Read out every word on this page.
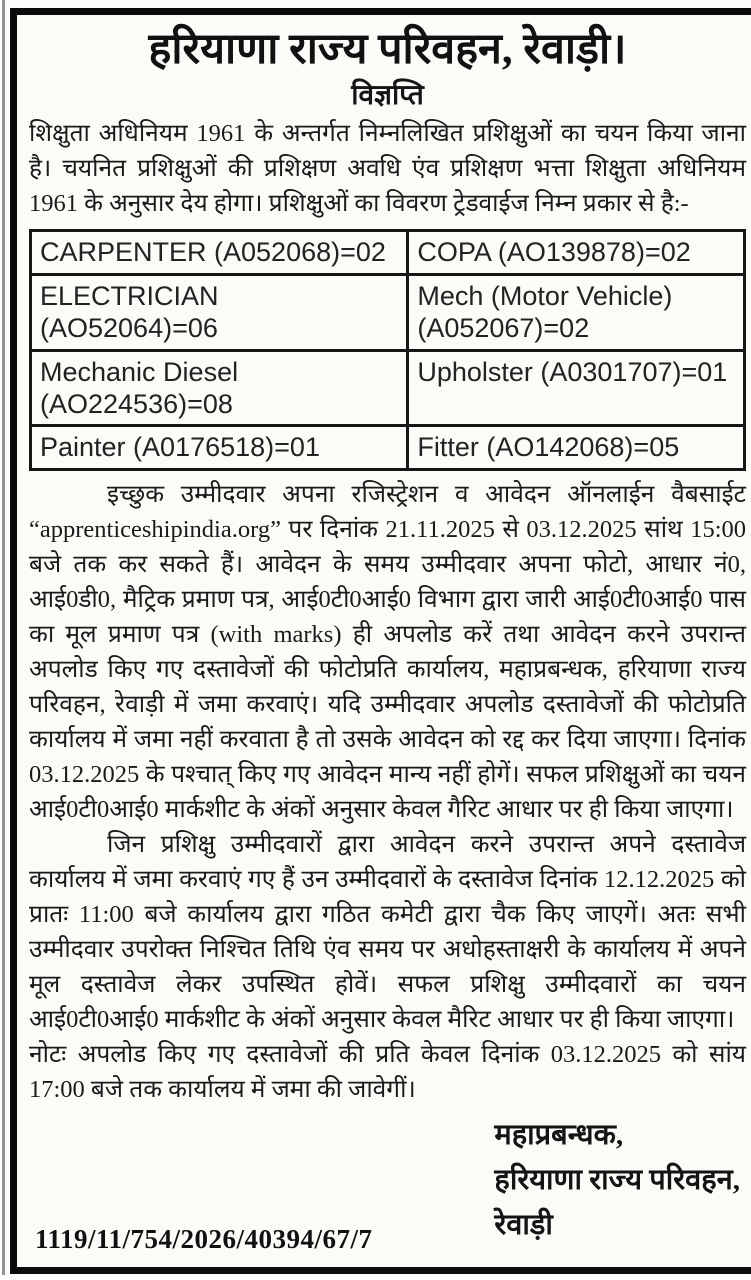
हरियाणा राज्य परिवहन, रेवाड़ी।
विज्ञप्ति

शिक्षुता अधिनियम 1961 के अन्तर्गत निम्नलिखित प्रशिक्षुओं का चयन किया जाना है। चयनित प्रशिक्षुओं की प्रशिक्षण अवधि एंव प्रशिक्षण भत्ता शिक्षुता अधिनियम 1961 के अनुसार देय होगा। प्रशिक्षुओं का विवरण ट्रेडवाईज निम्न प्रकार से है:-

CARPENTER (A052068)=02	COPA (AO139878)=02
ELECTRICIAN (AO52064)=06	Mech (Motor Vehicle) (A052067)=02
Mechanic Diesel (AO224536)=08	Upholster (A0301707)=01
Painter (A0176518)=01	Fitter (AO142068)=05

इच्छुक उम्मीदवार अपना रजिस्ट्रेशन व आवेदन ऑनलाईन वैबसाईट “apprenticeshipindia.org” पर दिनांक 21.11.2025 से 03.12.2025 सांथ 15:00 बजे तक कर सकते हैं। आवेदन के समय उम्मीदवार अपना फोटो, आधार नं0, आई0डी0, मैट्रिक प्रमाण पत्र, आई0टी0आई0 विभाग द्वारा जारी आई0टी0आई0 पास का मूल प्रमाण पत्र (with marks) ही अपलोड करें तथा आवेदन करने उपरान्त अपलोड किए गए दस्तावेजों की फोटोप्रति कार्यालय, महाप्रबन्धक, हरियाणा राज्य परिवहन, रेवाड़ी में जमा करवाएं। यदि उम्मीदवार अपलोड दस्तावेजों की फोटोप्रति कार्यालय में जमा नहीं करवाता है तो उसके आवेदन को रद्द कर दिया जाएगा। दिनांक 03.12.2025 के पश्चात् किए गए आवेदन मान्य नहीं होगें। सफल प्रशिक्षुओं का चयन आई0टी0आई0 मार्कशीट के अंकों अनुसार केवल गैरिट आधार पर ही किया जाएगा।

जिन प्रशिक्षु उम्मीदवारों द्वारा आवेदन करने उपरान्त अपने दस्तावेज कार्यालय में जमा करवाएं गए हैं उन उम्मीदवारों के दस्तावेज दिनांक 12.12.2025 को प्रातः 11:00 बजे कार्यालय द्वारा गठित कमेटी द्वारा चैक किए जाएगें। अतः सभी उम्मीदवार उपरोक्त निश्चित तिथि एंव समय पर अधोहस्ताक्षरी के कार्यालय में अपने मूल दस्तावेज लेकर उपस्थित होवें। सफल प्रशिक्षु उम्मीदवारों का चयन आई0टी0आई0 मार्कशीट के अंकों अनुसार केवल मैरिट आधार पर ही किया जाएगा।

नोटः अपलोड किए गए दस्तावेजों की प्रति केवल दिनांक 03.12.2025 को सांय 17:00 बजे तक कार्यालय में जमा की जावेगीं।

महाप्रबन्धक,
हरियाणा राज्य परिवहन,
रेवाड़ी
1119/11/754/2026/40394/67/7
